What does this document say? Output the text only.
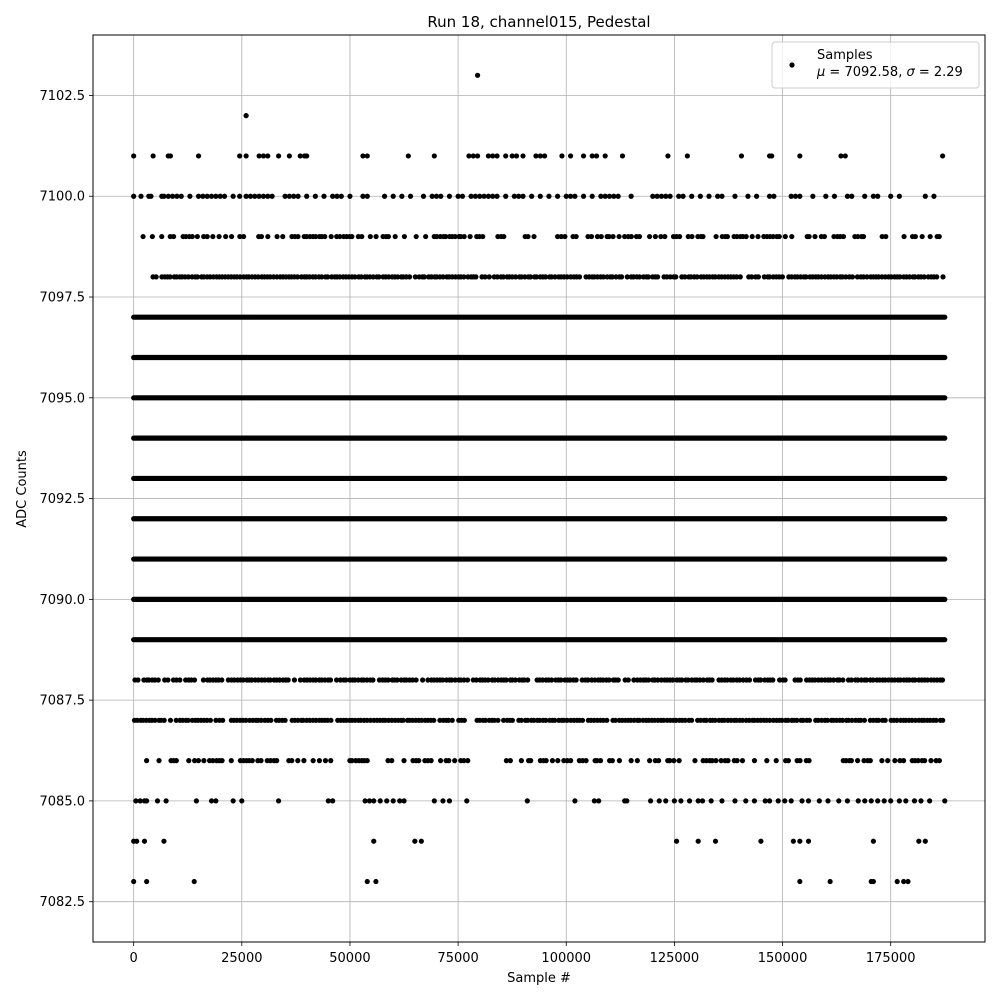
Run 18, channel015, Pedestal
0	25000	50000	75000	100000	125000	150000	175000
7082.5
7085.0
7087.5
7090.0
7092.5
7095.0
7097.5
7100.0
7102.5
Sample #
ADC Counts
Samples
μ = 7092.58, σ = 2.29
